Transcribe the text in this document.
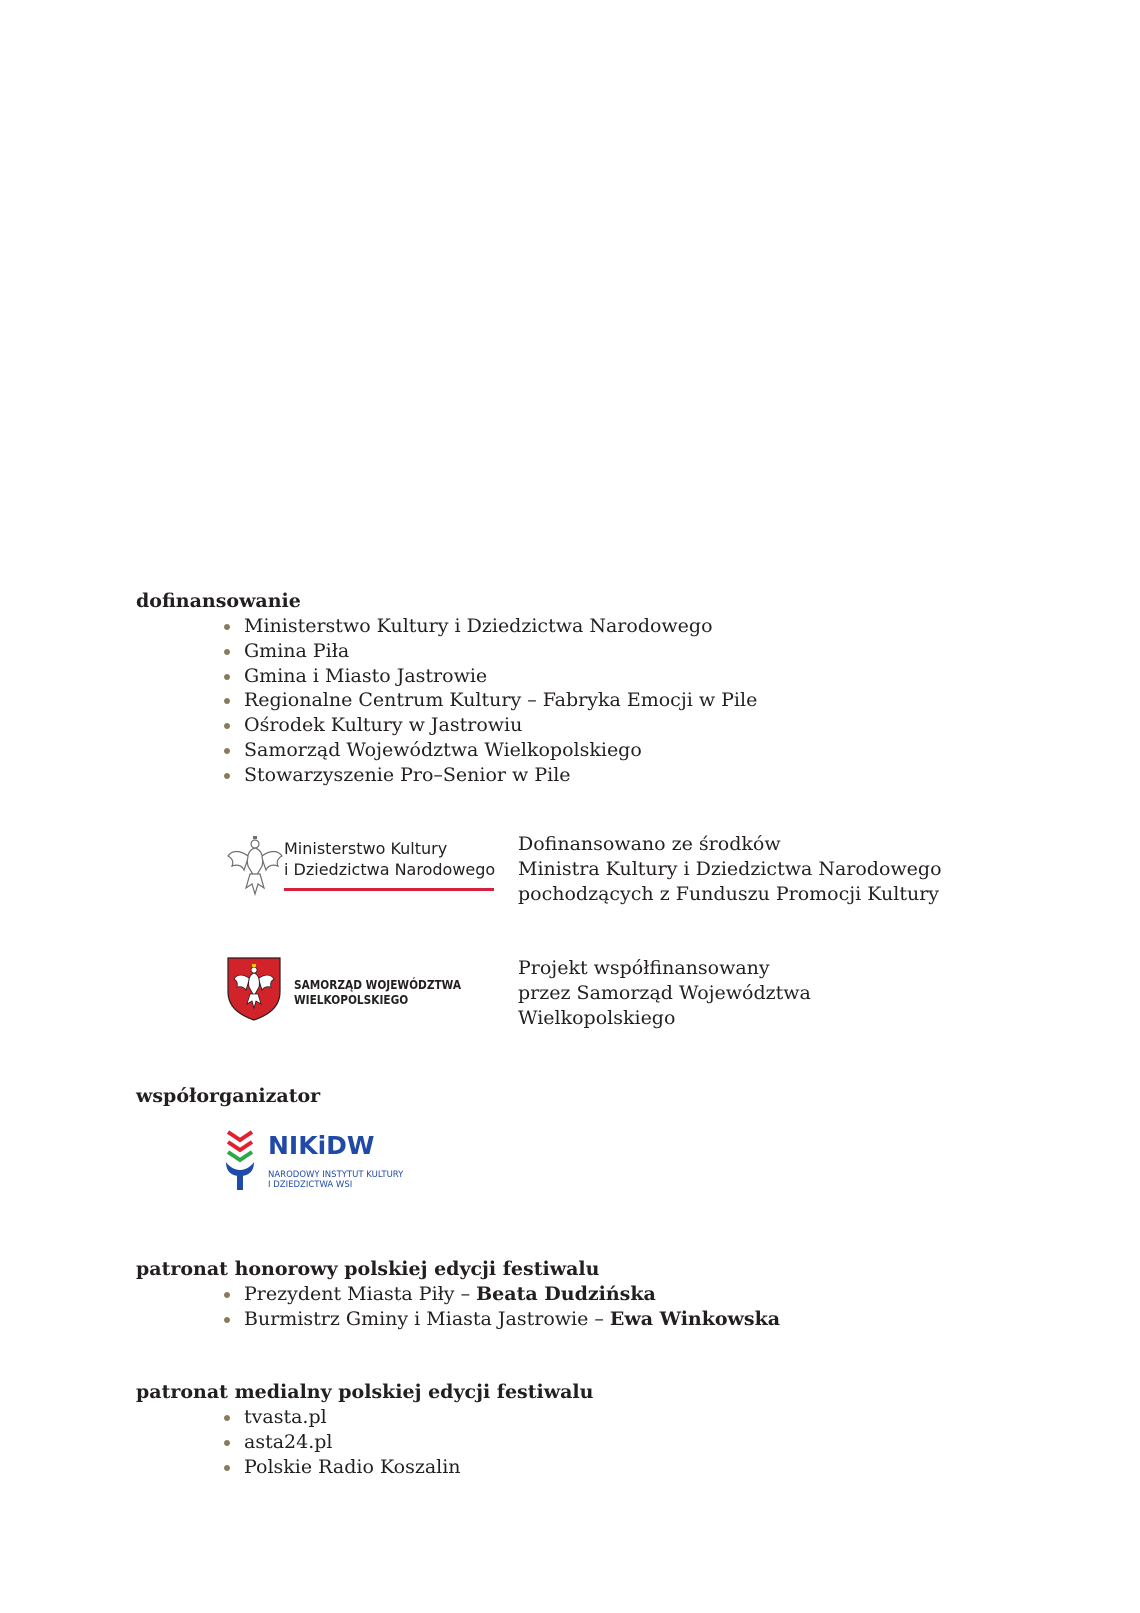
dofinansowanie
Ministerstwo Kultury i Dziedzictwa Narodowego
Gmina Piła
Gmina i Miasto Jastrowie
Regionalne Centrum Kultury – Fabryka Emocji w Pile
Ośrodek Kultury w Jastrowiu
Samorząd Województwa Wielkopolskiego
Stowarzyszenie Pro–Senior w Pile
Ministerstwo Kultury
i Dziedzictwa Narodowego
Dofinansowano ze środków
Ministra Kultury i Dziedzictwa Narodowego
pochodzących z Funduszu Promocji Kultury
SAMORZĄD WOJEWÓDZTWA
WIELKOPOLSKIEGO
Projekt współfinansowany
przez Samorząd Województwa
Wielkopolskiego
współorganizator
NIKiDW
NARODOWY INSTYTUT KULTURY
I DZIEDZICTWA WSI
patronat honorowy polskiej edycji festiwalu
Prezydent Miasta Piły – Beata Dudzińska
Burmistrz Gminy i Miasta Jastrowie – Ewa Winkowska
patronat medialny polskiej edycji festiwalu
tvasta.pl
asta24.pl
Polskie Radio Koszalin
